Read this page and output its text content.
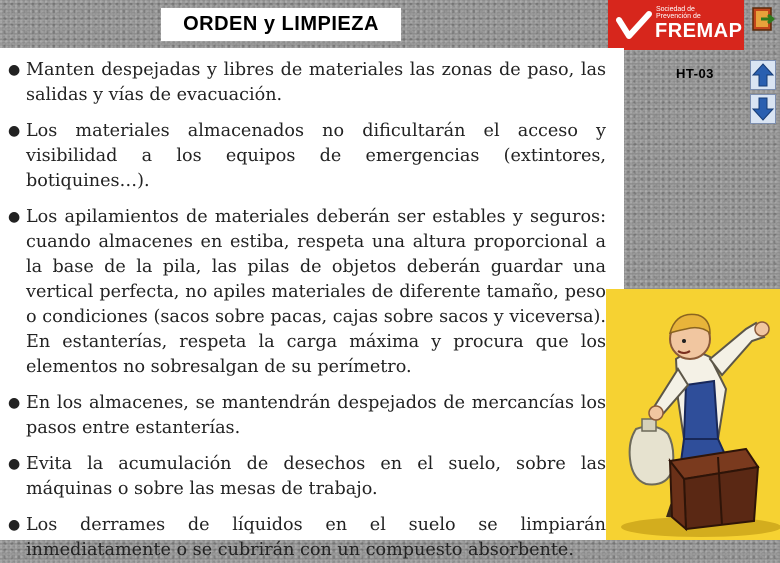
ORDEN y LIMPIEZA
Sociedad de
Prevención de
FREMAP
HT-03
● Manten despejadas y libres de materiales las zonas de paso, las salidas y vías de evacuación.
● Los materiales almacenados no dificultarán el acceso y visibilidad a los equipos de emergencias (extintores, botiquines…).
● Los apilamientos de materiales deberán ser estables y seguros: cuando almacenes en estiba, respeta una altura proporcional a la base de la pila, las pilas de objetos deberán guardar una vertical perfecta, no apiles materiales de diferente tamaño, peso o condiciones (sacos sobre pacas, cajas sobre sacos y viceversa). En estanterías, respeta la carga máxima y procura que los elementos no sobresalgan de su perímetro.
● En los almacenes, se mantendrán despejados de mercancías los pasos entre estanterías.
● Evita la acumulación de desechos en el suelo, sobre las máquinas o sobre las mesas de trabajo.
● Los derrames de líquidos en el suelo se limpiarán inmediatamente o se cubrirán con un compuesto absorbente.
